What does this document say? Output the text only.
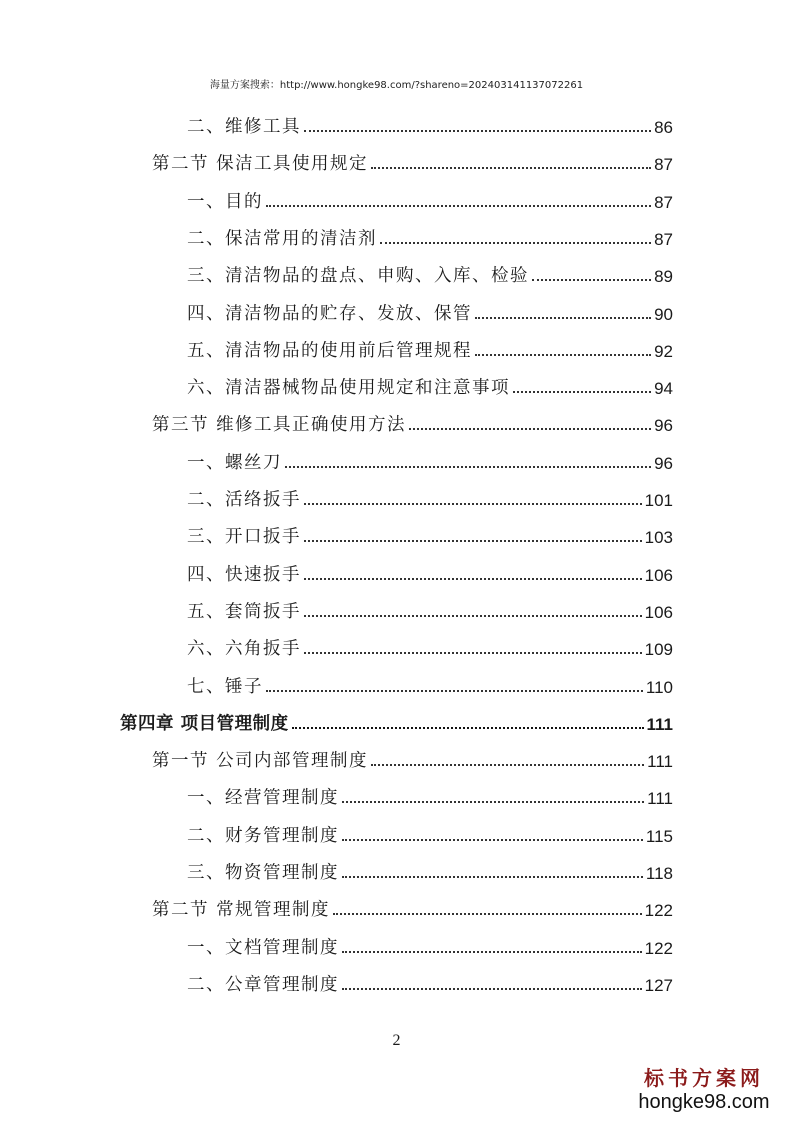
海量方案搜索：http://www.hongke98.com/?shareno=202403141137072261
二、维修工具	86
第二节 保洁工具使用规定	87
一、目的	87
二、保洁常用的清洁剂	87
三、清洁物品的盘点、申购、入库、检验	89
四、清洁物品的贮存、发放、保管	90
五、清洁物品的使用前后管理规程	92
六、清洁器械物品使用规定和注意事项	94
第三节 维修工具正确使用方法	96
一、螺丝刀	96
二、活络扳手	101
三、开口扳手	103
四、快速扳手	106
五、套筒扳手	106
六、六角扳手	109
七、锤子	110
第四章 项目管理制度	111
第一节 公司内部管理制度	111
一、经营管理制度	111
二、财务管理制度	115
三、物资管理制度	118
第二节 常规管理制度	122
一、文档管理制度	122
二、公章管理制度	127
2
标书方案网
hongke98.com
